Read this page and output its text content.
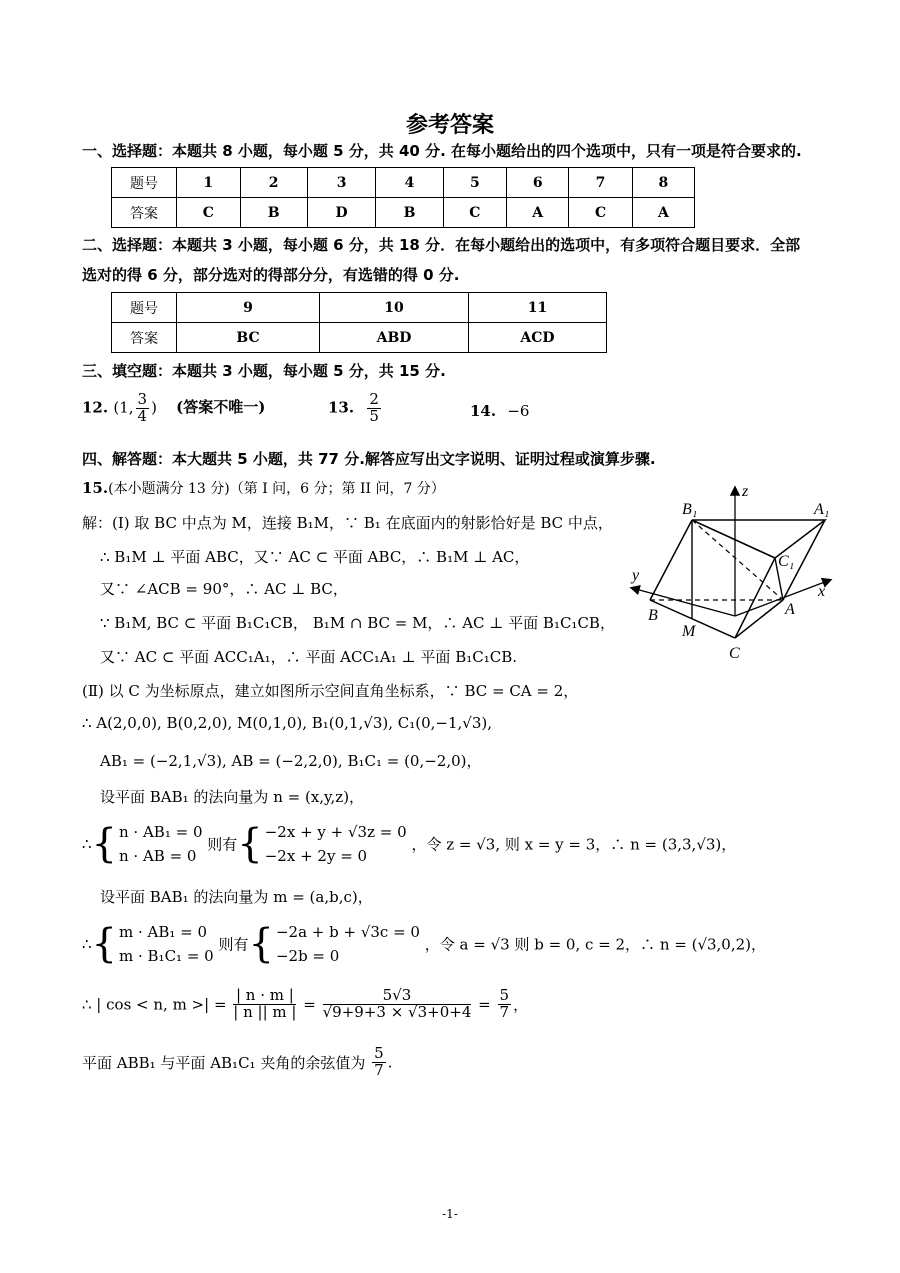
参考答案
一、选择题：本题共 8 小题，每小题 5 分，共 40 分. 在每小题给出的四个选项中，只有一项是符合要求的.
题号	1	2	3	4	5	6	7	8
答案	C	B	D	B	C	A	C	A
二、选择题：本题共 3 小题，每小题 6 分，共 18 分．在每小题给出的选项中，有多项符合题目要求．全部
选对的得 6 分，部分选对的得部分分，有选错的得 0 分.
题号	9	10	11
答案	BC	ABD	ACD
三、填空题：本题共 3 小题，每小题 5 分，共 15 分.
12. (1, $\frac{3}{4}$ ) (答案不唯一)	13. $\frac{2}{5}$	14. −6
四、解答题：本大题共 5 小题，共 77 分.解答应写出文字说明、证明过程或演算步骤.
15.(本小题满分 13 分)（第 I 问，6 分；第 II 问，7 分）
解：(Ⅰ) 取 BC 中点为 M，连接 B₁M，∵ B₁ 在底面内的射影恰好是 BC 中点，
∴ B₁M ⊥ 平面 ABC，又∵ AC ⊂ 平面 ABC，∴ B₁M ⊥ AC，
又∵ ∠ACB = 90°，∴ AC ⊥ BC，
∵ B₁M, BC ⊂ 平面 B₁C₁CB， B₁M ∩ BC = M，∴ AC ⊥ 平面 B₁C₁CB，
又∵ AC ⊂ 平面 ACC₁A₁，∴ 平面 ACC₁A₁ ⊥ 平面 B₁C₁CB.
(Ⅱ) 以 C 为坐标原点，建立如图所示空间直角坐标系，∵ BC = CA = 2，
∴ A(2,0,0), B(0,2,0), M(0,1,0), B₁(0,1,√3), C₁(0,−1,√3),
AB₁ = (−2,1,√3), AB = (−2,2,0), B₁C₁ = (0,−2,0)，
设平面 BAB₁ 的法向量为 n = (x,y,z)，
∴{ n · AB₁ = 0
n · AB = 0
则有{ −2x + y + √3z = 0
−2x + 2y = 0
，令 z = √3, 则 x = y = 3，∴ n = (3,3,√3)，
设平面 BAB₁ 的法向量为 m = (a,b,c)，
∴{ m · AB₁ = 0
m · B₁C₁ = 0
则有{ −2a + b + √3c = 0
−2b = 0
，令 a = √3 则 b = 0, c = 2，∴ n = (√3,0,2)，
∴ | cos < n, m >| = $\frac{| n \cdot m |}{| n || m |} = \frac{5√3}{√9+9+3 \times √3+0+4} = \frac{5}{7}$ ，
平面 ABB₁ 与平面 AB₁C₁ 夹角的余弦值为 $\frac{5}{7}$ .
B₁
z
A₁
C₁
y
x
B
M
A
C
-1-
